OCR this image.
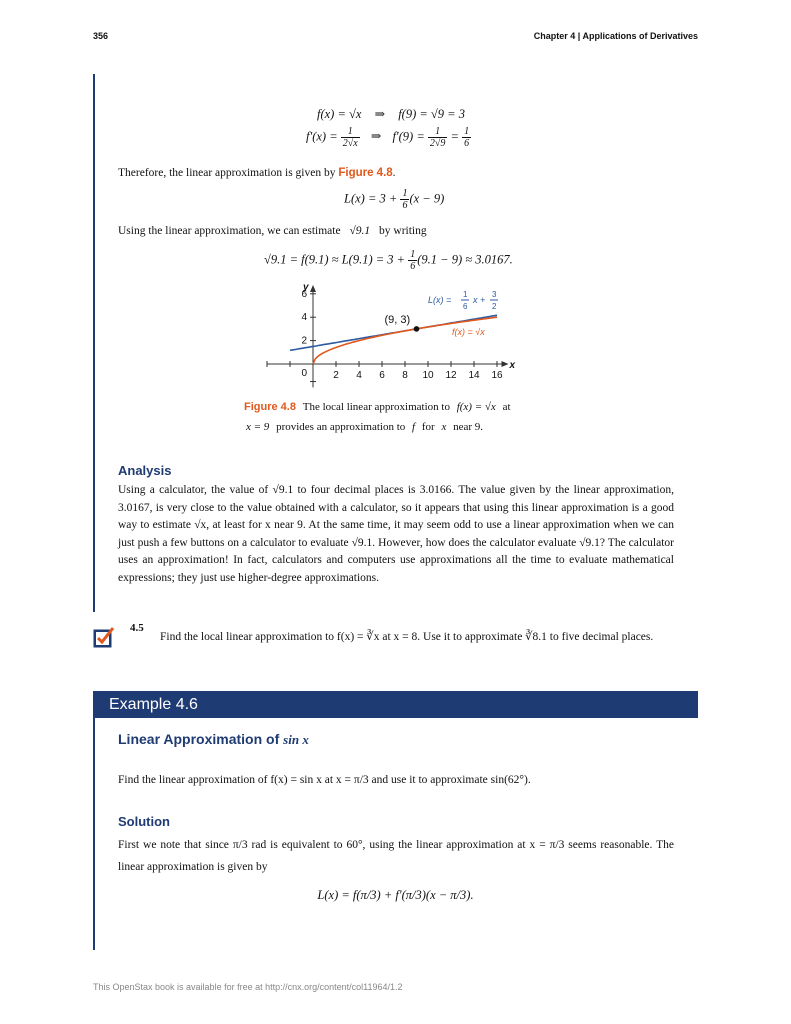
356	Chapter 4 | Applications of Derivatives
f(x) = √x ⇒ f(9) = √9 = 3
$f'(x) = \frac{1}{2√x}$ ⇒ $f'(9) = \frac{1}{2√9} = \frac{1}{6}$
Therefore, the linear approximation is given by Figure 4.8.
$L(x) = 3 + \frac{1}{6} (x - 9)$
Using the linear approximation, we can estimate √9.1 by writing
$√9.1 = f(9.1) \approx L(9.1) = 3 + \frac{1}{6} (9.1 - 9) \approx 3.0167$.
2 4 6 8 10 12 14 16
2
4
6
0
x
y
(9, 3)
L(x) =
1
6
x +
3
2
f(x) = √x
Figure 4.8 The local linear approximation to f(x) = √x at
x = 9 provides an approximation to f for x near 9.
Analysis
Using a calculator, the value of √9.1 to four decimal places is 3.0166. The value given by the linear approximation, 3.0167, is very close to the value obtained with a calculator, so it appears that using this linear approximation is a good way to estimate √x, at least for x near 9. At the same time, it may seem odd to use a linear approximation when we can just push a few buttons on a calculator to evaluate √9.1. However, how does the calculator evaluate √9.1? The calculator uses an approximation! In fact, calculators and computers use approximations all the time to evaluate mathematical expressions; they just use higher-degree approximations.
4.5
Find the local linear approximation to f(x) = ∛x at x = 8. Use it to approximate ∛8.1 to five decimal places.
Example 4.6
Linear Approximation of sin x
Find the linear approximation of f(x) = sin x at x = π/3 and use it to approximate sin(62°).
Solution
First we note that since π/3 rad is equivalent to 60°, using the linear approximation at x = π/3 seems reasonable. The linear approximation is given by
L(x) = f(π/3) + f′(π/3)(x − π/3).
This OpenStax book is available for free at http://cnx.org/content/col11964/1.2
